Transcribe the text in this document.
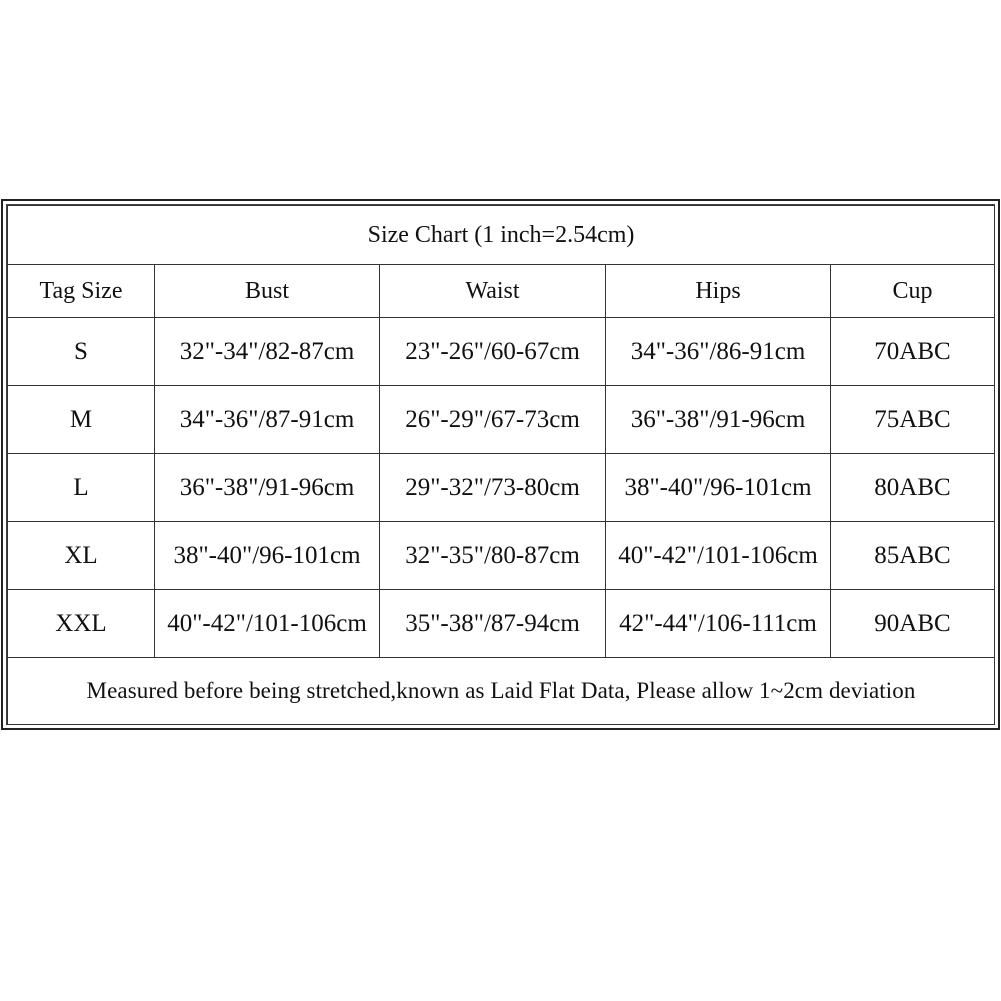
Size Chart (1 inch=2.54cm)				
Tag Size	Bust	Waist	Hips	Cup
S	32"-34"/82-87cm	23"-26"/60-67cm	34"-36"/86-91cm	70ABC
M	34"-36"/87-91cm	26"-29"/67-73cm	36"-38"/91-96cm	75ABC
L	36"-38"/91-96cm	29"-32"/73-80cm	38"-40"/96-101cm	80ABC
XL	38"-40"/96-101cm	32"-35"/80-87cm	40"-42"/101-106cm	85ABC
XXL	40"-42"/101-106cm	35"-38"/87-94cm	42"-44"/106-111cm	90ABC
Measured before being stretched,known as Laid Flat Data, Please allow 1~2cm deviation				
